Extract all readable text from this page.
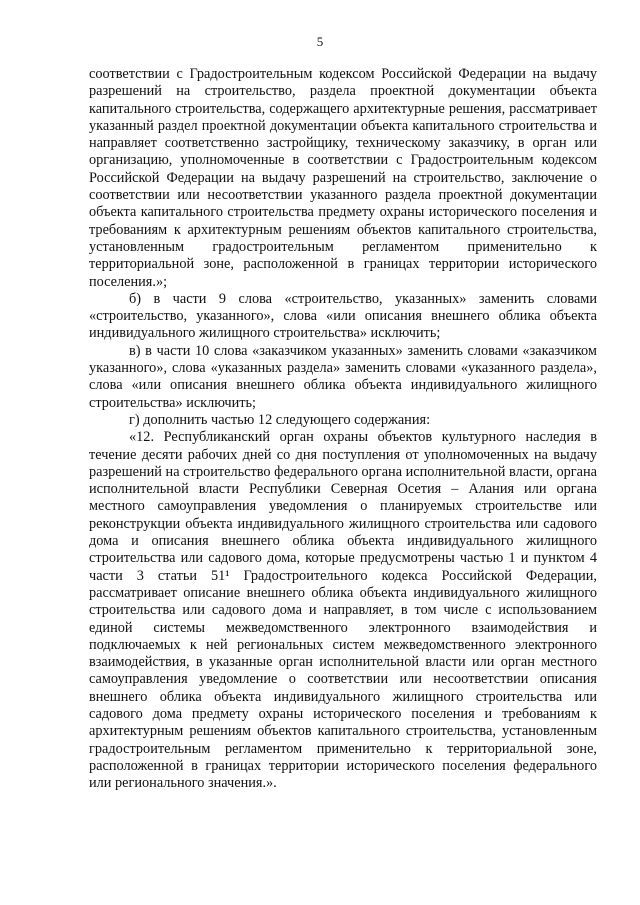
5

соответствии с Градостроительным кодексом Российской Федерации на выдачу разрешений на строительство, раздела проектной документации объекта капитального строительства, содержащего архитектурные решения, рассматривает указанный раздел проектной документации объекта капитального строительства и направляет соответственно застройщику, техническому заказчику, в орган или организацию, уполномоченные в соответствии с Градостроительным кодексом Российской Федерации на выдачу разрешений на строительство, заключение о соответствии или несоответствии указанного раздела проектной документации объекта капитального строительства предмету охраны исторического поселения и требованиям к архитектурным решениям объектов капитального строительства, установленным градостроительным регламентом применительно к территориальной зоне, расположенной в границах территории исторического поселения.»;

б) в части 9 слова «строительство, указанных» заменить словами «строительство, указанного», слова «или описания внешнего облика объекта индивидуального жилищного строительства» исключить;

в) в части 10 слова «заказчиком указанных» заменить словами «заказчиком указанного», слова «указанных раздела» заменить словами «указанного раздела», слова «или описания внешнего облика объекта индивидуального жилищного строительства» исключить;

г) дополнить частью 12 следующего содержания:

«12. Республиканский орган охраны объектов культурного наследия в течение десяти рабочих дней со дня поступления от уполномоченных на выдачу разрешений на строительство федерального органа исполнительной власти, органа исполнительной власти Республики Северная Осетия – Алания или органа местного самоуправления уведомления о планируемых строительстве или реконструкции объекта индивидуального жилищного строительства или садового дома и описания внешнего облика объекта индивидуального жилищного строительства или садового дома, которые предусмотрены частью 1 и пунктом 4 части 3 статьи 51¹ Градостроительного кодекса Российской Федерации, рассматривает описание внешнего облика объекта индивидуального жилищного строительства или садового дома и направляет, в том числе с использованием единой системы межведомственного электронного взаимодействия и подключаемых к ней региональных систем межведомственного электронного взаимодействия, в указанные орган исполнительной власти или орган местного самоуправления уведомление о соответствии или несоответствии описания внешнего облика объекта индивидуального жилищного строительства или садового дома предмету охраны исторического поселения и требованиям к архитектурным решениям объектов капитального строительства, установленным градостроительным регламентом применительно к территориальной зоне, расположенной в границах территории исторического поселения федерального или регионального значения.».
